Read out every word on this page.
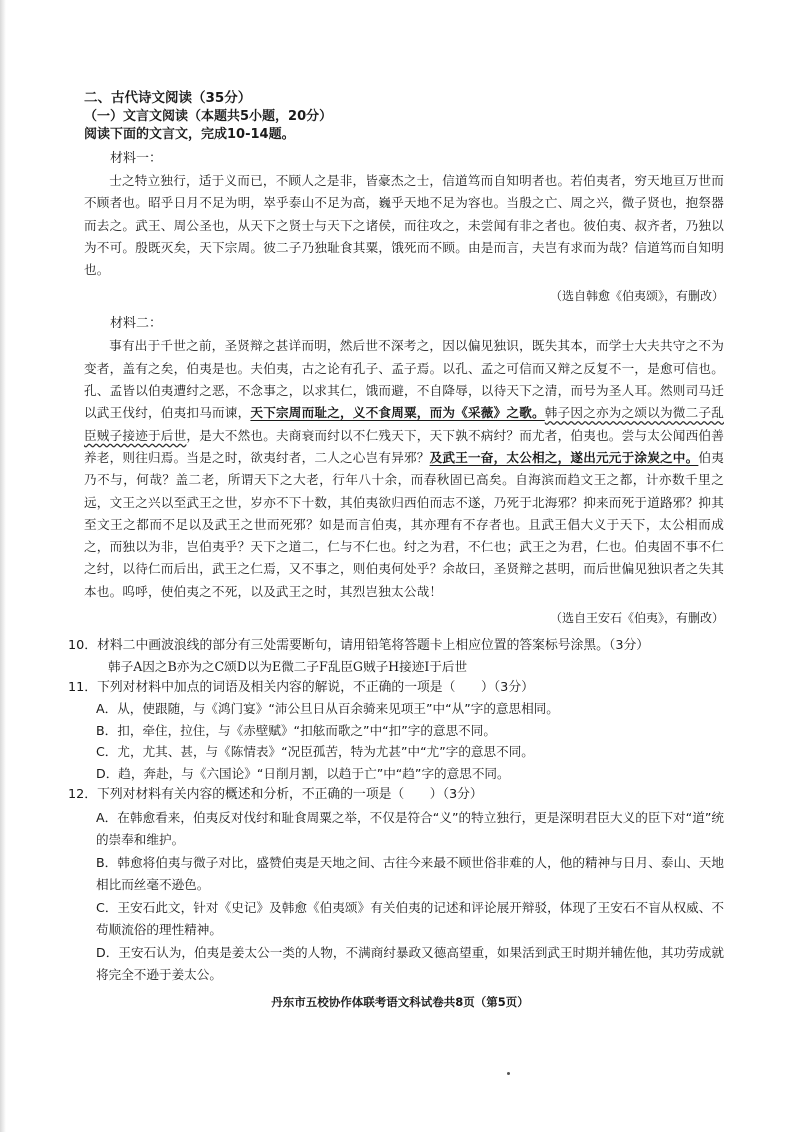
二、古代诗文阅读（35分）

（一）文言文阅读（本题共5小题，20分）

阅读下面的文言文，完成10-14题。

材料一：

士之特立独行，适于义而已，不顾人之是非，皆豪杰之士，信道笃而自知明者也。若伯夷者，穷天地亘万世而不顾者也。昭乎日月不足为明，崒乎泰山不足为高，巍乎天地不足为容也。当殷之亡、周之兴，微子贤也，抱祭器而去之。武王、周公圣也，从天下之贤士与天下之诸侯，而往攻之，未尝闻有非之者也。彼伯夷、叔齐者，乃独以为不可。殷既灭矣，天下宗周。彼二子乃独耻食其粟，饿死而不顾。由是而言，夫岂有求而为哉？信道笃而自知明也。

（选自韩愈《伯夷颂》，有删改）

材料二：

事有出于千世之前，圣贤辩之甚详而明，然后世不深考之，因以偏见独识，既失其本，而学士大夫共守之不为变者，盖有之矣，伯夷是也。夫伯夷，古之论有孔子、孟子焉。以孔、孟之可信而又辩之反复不一，是愈可信也。孔、孟皆以伯夷遭纣之恶，不念事之，以求其仁，饿而避，不自降辱，以待天下之清，而号为圣人耳。然则司马迁以武王伐纣，伯夷扣马而谏，天下宗周而耻之，义不食周粟，而为《采薇》之歌。韩子因之亦为之颂以为微二子乱臣贼子接迹于后世，是大不然也。夫商衰而纣以不仁残天下，天下孰不病纣？而尤者，伯夷也。尝与太公闻西伯善养老，则往归焉。当是之时，欲夷纣者，二人之心岂有异邪？及武王一奋，太公相之，遂出元元于涂炭之中。伯夷乃不与，何哉？盖二老，所谓天下之大老，行年八十余，而春秋固已高矣。自海滨而趋文王之都，计亦数千里之远，文王之兴以至武王之世，岁亦不下十数，其伯夷欲归西伯而志不遂，乃死于北海邪？抑来而死于道路邪？抑其至文王之都而不足以及武王之世而死邪？如是而言伯夷，其亦理有不存者也。且武王倡大义于天下，太公相而成之，而独以为非，岂伯夷乎？天下之道二，仁与不仁也。纣之为君，不仁也；武王之为君，仁也。伯夷固不事不仁之纣，以待仁而后出，武王之仁焉，又不事之，则伯夷何处乎？余故曰，圣贤辩之甚明，而后世偏见独识者之失其本也。呜呼，使伯夷之不死，以及武王之时，其烈岂独太公哉！

（选自王安石《伯夷》，有删改）

10．材料二中画波浪线的部分有三处需要断句，请用铅笔将答题卡上相应位置的答案标号涂黑。（3分）

韩子A因之B亦为之C颂D以为E微二子F乱臣G贼子H接迹I于后世

11．下列对材料中加点的词语及相关内容的解说，不正确的一项是（　　）（3分）

A．从，使跟随，与《鸿门宴》“沛公旦日从百余骑来见项王”中“从”字的意思相同。

B．扣，牵住，拉住，与《赤壁赋》“扣舷而歌之”中“扣”字的意思不同。

C．尤，尤其、甚，与《陈情表》“况臣孤苦，特为尤甚”中“尤”字的意思不同。

D．趋，奔赴，与《六国论》“日削月割，以趋于亡”中“趋”字的意思不同。

12．下列对材料有关内容的概述和分析，不正确的一项是（　　）（3分）

A．在韩愈看来，伯夷反对伐纣和耻食周粟之举，不仅是符合“义”的特立独行，更是深明君臣大义的臣下对“道”统的崇奉和维护。

B．韩愈将伯夷与微子对比，盛赞伯夷是天地之间、古往今来最不顾世俗非难的人，他的精神与日月、泰山、天地相比而丝毫不逊色。

C．王安石此文，针对《史记》及韩愈《伯夷颂》有关伯夷的记述和评论展开辩驳，体现了王安石不盲从权威、不苟顺流俗的理性精神。

D．王安石认为，伯夷是姜太公一类的人物，不满商纣暴政又德高望重，如果活到武王时期并辅佐他，其功劳成就将完全不逊于姜太公。

丹东市五校协作体联考语文科试卷共8页（第5页）
